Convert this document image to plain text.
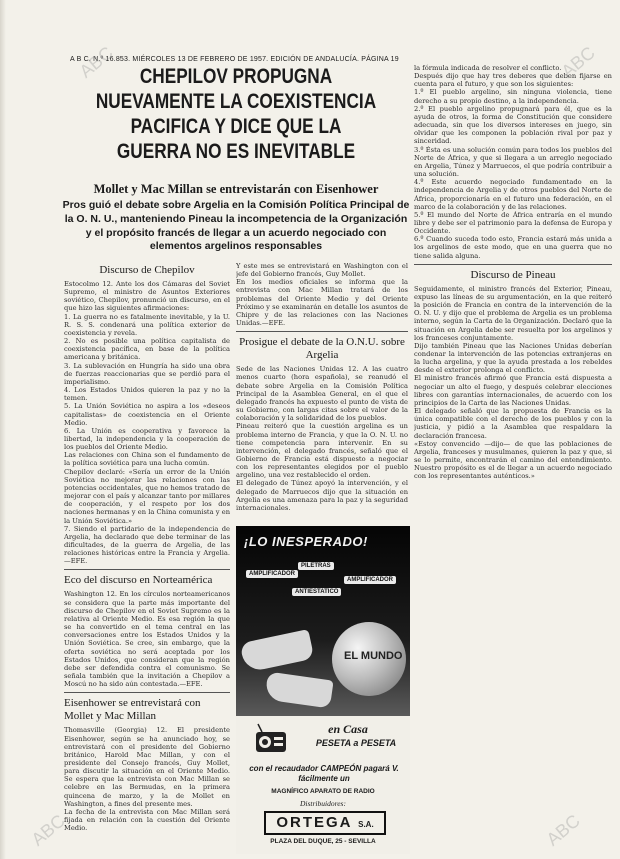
A B C. N.º 16.853. MIÉRCOLES 13 DE FEBRERO DE 1957. EDICIÓN DE ANDALUCÍA. PÁGINA 19
CHEPILOV PROPUGNA NUEVAMENTE LA COEXISTENCIA PACIFICA Y DICE QUE LA GUERRA NO ES INEVITABLE
Mollet y Mac Millan se entrevistarán con Eisenhower
Pros guió el debate sobre Argelia en la Comisión Política Principal de la O. N. U., manteniendo Pineau la incompetencia de la Organización y el propósito francés de llegar a un acuerdo negociado con elementos argelinos responsables
Discurso de Chepilov
Estocolmo 12. Ante los dos Cámaras del Soviet Supremo, el ministro de Asuntos Exteriores soviético, Chepilov, pronunció un discurso, en el que hizo las siguientes afirmaciones:
1. La guerra no es fatalmente inevitable, y la U. R. S. S. condenará una política exterior de coexistencia y revela.
2. No es posible una política capitalista de coexistencia pacífica, en base de la política americana y británica.
3. La sublevación en Hungría ha sido una obra de fuerzas reaccionarias que se perdió para el imperialismo.
4. Los Estados Unidos quieren la paz y no la temen.
5. La Unión Soviética no aspira a los «deseos capitalistas» de coexistencia en el Oriente Medio.
6. La Unión es cooperativa y favorece la libertad, la independencia y la cooperación de los pueblos del Oriente Medio.
Las relaciones con China son el fundamento de la política soviética para una lucha común.
Chepilov declaró: «Sería un error de la Unión Soviética no mejorar las relaciones con las potencias occidentales, que no hemos tratado de mejorar con el país y alcanzar tanto por millares de cooperación, y el respeto por los dos naciones hermanas y en la China comunista y en la Unión Soviética.»
7. Siendo el partidario de la independencia de Argelia, ha declarado que debe terminar de las dificultades, de la guerra de Argelia, de las relaciones históricas entre la Francia y Argelia.—EFE.
Eco del discurso en Norteamérica
Washington 12. En los círculos norteamericanos se considera que la parte más importante del discurso de Chepilov en el Soviet Supremo es la relativa al Oriente Medio. Es esa región la que se ha convertido en el tema central en las conversaciones entre los Estados Unidos y la Unión Soviética. Se cree, sin embargo, que la oferta soviética no será aceptada por los Estados Unidos, que consideran que la región debe ser defendida contra el comunismo. Se señala también que la invitación a Chepilov a Moscú no ha sido aún contestada.—EFE.
Eisenhower se entrevistará con Mollet y Mac Millan
Thomasville (Georgia) 12. El presidente Eisenhower, según se ha anunciado hoy, se entrevistará con el presidente del Gobierno británico, Harold Mac Millan, y con el presidente del Consejo francés, Guy Mollet, para discutir la situación en el Oriente Medio. Se espera que la entrevista con Mac Millan se celebre en las Bermudas, en la primera quincena de marzo, y la de Mollet en Washington, a fines del presente mes.
La fecha de la entrevista con Mac Millan será fijada en relación con la cuestión del Oriente Medio.
Y este mes se entrevistará en Washington con el jefe del Gobierno francés, Guy Mollet.
En los medios oficiales se informa que la entrevista con Mac Millan tratará de los problemas del Oriente Medio y del Oriente Próximo y se examinarán en detalle los asuntos de Chipre y de las relaciones con las Naciones Unidas.—EFE.
Prosigue el debate de la O.N.U. sobre Argelia
Sede de las Naciones Unidas 12. A las cuatro menos cuarto (hora española), se reanudó el debate sobre Argelia en la Comisión Política Principal de la Asamblea General, en el que el delegado francés ha expuesto el punto de vista de su Gobierno, con largas citas sobre el valor de la colaboración y la solidaridad de los pueblos.
Pineau reiteró que la cuestión argelina es un problema interno de Francia, y que la O. N. U. no tiene competencia para intervenir. En su intervención, el delegado francés, señaló que el Gobierno de Francia está dispuesto a negociar con los representantes elegidos por el pueblo argelino, una vez restablecido el orden.
El delegado de Túnez apoyó la intervención, y el delegado de Marruecos dijo que la situación en Argelia es una amenaza para la paz y la seguridad internacionales.
¡LO INESPERADO!
AMPLIFICADOR
PILETRAS
AMPLIFICADOR
ANTIESTATICO
EL MUNDO
en Casa
PESETA a PESETA
con el recaudador CAMPEÓN pagará V. fácilmente un
MAGNÍFICO APARATO DE RADIO
Distribuidores:
ORTEGA S.A.
PLAZA DEL DUQUE, 25 - SEVILLA
la fórmula indicada de resolver el conflicto.
Después dijo que hay tres deberes que deben fijarse en cuenta para el futuro, y que son los siguientes:
1.º El pueblo argelino, sin ninguna violencia, tiene derecho a su propio destino, a la independencia.
2.º El pueblo argelino propugnará para él, que es la ayuda de otros, la forma de Constitución que considere adecuada, sin que los diversos intereses en juego, sin olvidar que les componen la población rival por paz y sinceridad.
3.º Ésta es una solución común para todos los pueblos del Norte de África, y que si llegara a un arreglo negociado en Argelia, Túnez y Marruecos, el que podría contribuir a una solución.
4.º Este acuerdo negociado fundamentado en la independencia de Argelia y de otros pueblos del Norte de África, proporcionaría en el futuro una federación, en el marco de la colaboración y de las relaciones.
5.º El mundo del Norte de África entraría en el mundo libre y debe ser el patrimonio para la defensa de Europa y Occidente.
6.º Cuando suceda todo esto, Francia estará más unida a los argelinos de este modo, que en una guerra que no tiene salida alguna.
Discurso de Pineau
Seguidamente, el ministro francés del Exterior, Pineau, expuso las líneas de su argumentación, en la que reiteró la posición de Francia en contra de la intervención de la O. N. U. y dijo que el problema de Argelia es un problema interno, según la Carta de la Organización. Declaró que la situación en Argelia debe ser resuelta por los argelinos y los franceses conjuntamente.
Dijo también Pineau que las Naciones Unidas deberían condenar la intervención de las potencias extranjeras en la lucha argelina, y que la ayuda prestada a los rebeldes desde el exterior prolonga el conflicto.
El ministro francés afirmó que Francia está dispuesta a negociar un alto el fuego, y después celebrar elecciones libres con garantías internacionales, de acuerdo con los principios de la Carta de las Naciones Unidas.
El delegado señaló que la propuesta de Francia es la única compatible con el derecho de los pueblos y con la justicia, y pidió a la Asamblea que respaldara la declaración francesa.
«Estoy convencido —dijo— de que las poblaciones de Argelia, franceses y musulmanes, quieren la paz y que, si se lo permite, encontrarán el camino del entendimiento. Nuestro propósito es el de llegar a un acuerdo negociado con los representantes auténticos.»
ABC	ABC
ABC	ABC
